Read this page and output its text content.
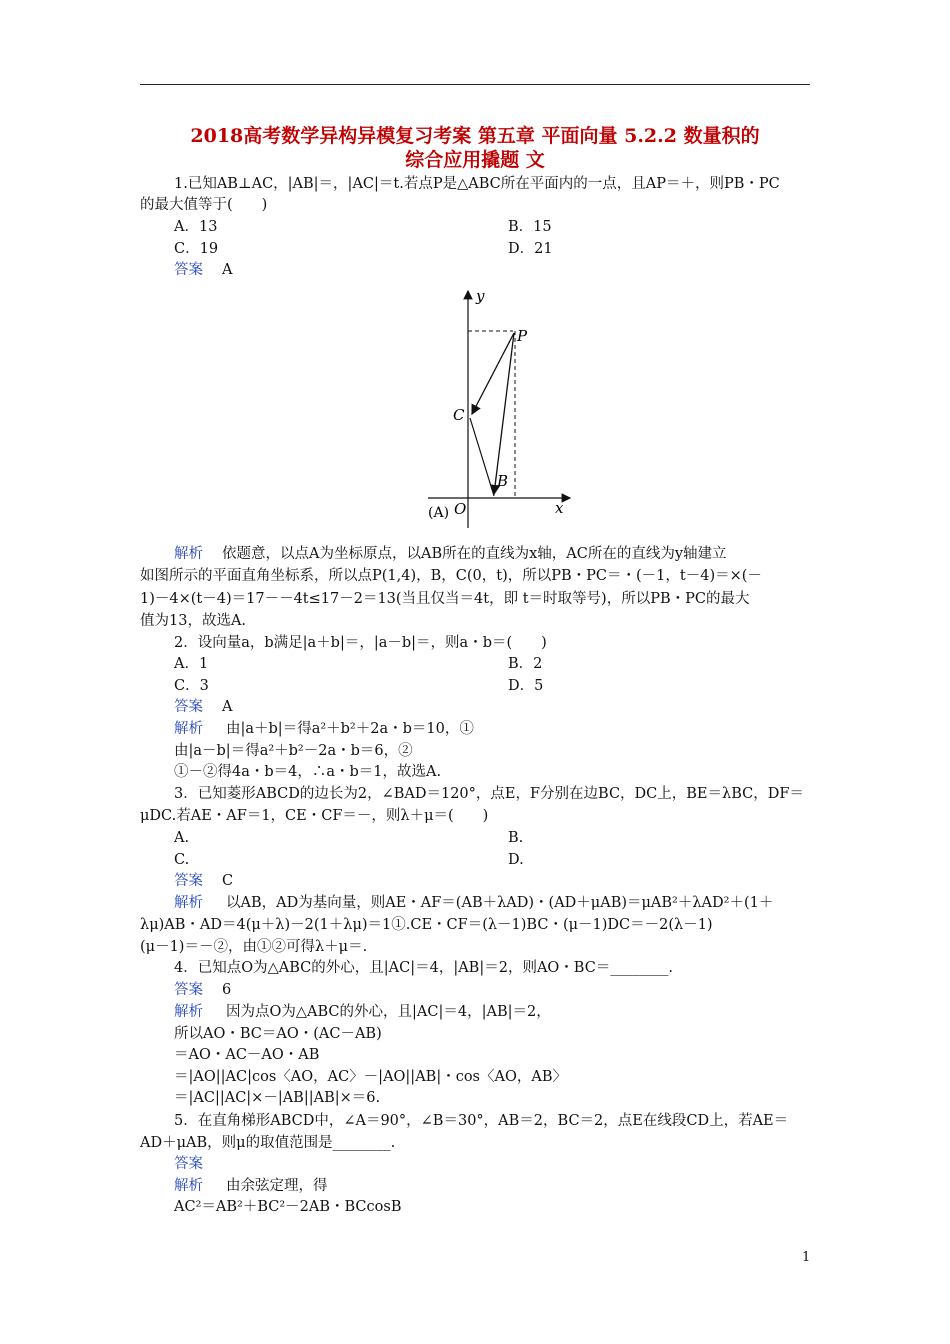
2018高考数学异构异模复习考案 第五章 平面向量 5.2.2 数量积的
综合应用撬题 文
1.已知AB⊥AC，|AB|＝，|AC|＝t.若点P是△ABC所在平面内的一点，且AP＝＋，则PB・PC
的最大值等于(　　)
A．13	B．15
C．19	D．21
答案 A
y
x
O
(A)
P
C
B
解析 依题意，以点A为坐标原点，以AB所在的直线为x轴，AC所在的直线为y轴建立
如图所示的平面直角坐标系，所以点P(1,4)，B，C(0，t)，所以PB・PC＝・(－1，t－4)＝×(－
1)－4×(t－4)＝17－－4t≤17－2＝13(当且仅当＝4t，即 t＝时取等号)，所以PB・PC的最大
值为13，故选A.
2．设向量a，b满足|a＋b|＝，|a－b|＝，则a・b＝(　　)
A．1	B．2
C．3	D．5
答案 A
解析 由|a＋b|＝得a²＋b²＋2a・b＝10，①
由|a－b|＝得a²＋b²－2a・b＝6，②
①－②得4a・b＝4，∴a・b＝1，故选A.
3．已知菱形ABCD的边长为2，∠BAD＝120°，点E，F分别在边BC，DC上，BE＝λBC，DF＝
μDC.若AE・AF＝1，CE・CF＝－，则λ＋μ＝(　　)
A.	B.
C.	D.
答案 C
解析 以AB，AD为基向量，则AE・AF＝(AB＋λAD)・(AD＋μAB)＝μAB²＋λAD²＋(1＋
λμ)AB・AD＝4(μ＋λ)－2(1＋λμ)＝1①.CE・CF＝(λ－1)BC・(μ－1)DC＝－2(λ－1)
(μ－1)＝－②，由①②可得λ＋μ＝.
4．已知点O为△ABC的外心，且|AC|＝4，|AB|＝2，则AO・BC＝________.
答案 6
解析 因为点O为△ABC的外心，且|AC|＝4，|AB|＝2，
所以AO・BC＝AO・(AC－AB)
＝AO・AC－AO・AB
＝|AO||AC|cos〈AO，AC〉－|AO||AB|・cos〈AO，AB〉
＝|AC||AC|×－|AB||AB|×＝6.
5．在直角梯形ABCD中，∠A＝90°，∠B＝30°，AB＝2，BC＝2，点E在线段CD上，若AE＝
AD＋μAB，则μ的取值范围是________.
答案
解析 由余弦定理，得
AC²＝AB²＋BC²－2AB・BCcosB
1
